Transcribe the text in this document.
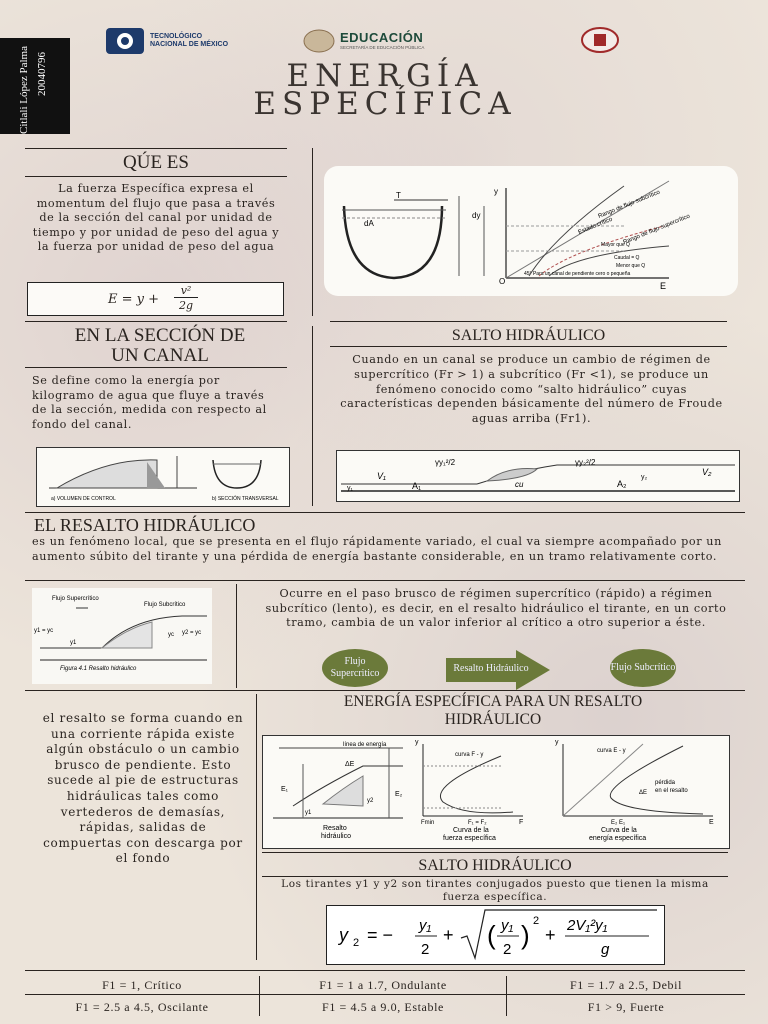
Citlali López Palma 20040796
TECNOLÓGICO
NACIONAL DE MÉXICO	EDUCACIÓN
SECRETARÍA DE EDUCACIÓN PÚBLICA
ENERGÍA
ESPECÍFICA
QÚE ES
La fuerza Específica expresa el momentum del flujo que pasa a través de la sección del canal por unidad de tiempo y por unidad de peso del agua y la fuerza por unidad de peso del agua
E = y +
v²
2g
T
dA
dy
y
O	E
Rango de flujo subcrítico
Estado crítico Rango de flujo supercrítico
Mayor que Q
Caudal = Q
Menor que Q
45° Para un canal de pendiente cero o pequeña
EN LA SECCIÓN DE
UN CANAL
Se define como la energía por kilogramo de agua que fluye a través de la sección, medida con respecto al fondo del canal.
a) VOLUMEN DE CONTROL	b) SECCIÓN TRANSVERSAL
SALTO HIDRÁULICO
Cuando en un canal se produce un cambio de régimen de supercrítico (Fr > 1) a subcrítico (Fr <1), se produce un fenómeno conocido como “salto hidráulico” cuyas características dependen básicamente del número de Froude aguas arriba (Fr1).
V₁
y₁	A₁
γy₁²/2
cu
γy₂²/2
A₂
y₂
V₂
EL RESALTO HIDRÁULICO
es un fenómeno local, que se presenta en el flujo rápidamente variado, el cual va siempre acompañado por un aumento súbito del tirante y una pérdida de energía bastante considerable, en un tramo relativamente corto.
Flujo Supercrítico
Flujo Subcrítico
y1 = yc	y2 = yc
y1
yc
Figura 4.1 Resalto hidráulico
Ocurre en el paso brusco de régimen supercrítico (rápido) a régimen subcrítico (lento), es decir, en el resalto hidráulico el tirante, en un corto tramo, cambia de un valor inferior al crítico a otro superior a éste.
Flujo Supercritico	Resalto Hidráulico	Flujo Subcrítico
el resalto se forma cuando en una corriente rápida existe algún obstáculo o un cambio brusco de pendiente. Esto sucede al pie de estructuras hidráulicas tales como vertederos de demasías, rápidas, salidas de compuertas con descarga por el fondo
ENERGÍA ESPECÍFICA PARA UN RESALTO
HIDRÁULICO
línea de energía
ΔE
E₁
E₂
y1
y2
Resalto
hidráulico
y
curva F - y
Fmin	F₁ = F₂	F
Curva de la
fuerza específica
y
curva E - y
pérdida
en el resalto
ΔE
E₂ E₁	E
Curva de la
energía específica
SALTO HIDRÁULICO
Los tirantes y1 y y2 son tirantes conjugados puesto que tienen la misma fuerza específica.
y 2 = − y₁
2
+ ( y₁
2 ) 2
+ 2V₁²y₁
g
F1 = 1, Crítico	F1 = 1 a 1.7, Ondulante	F1 = 1.7 a 2.5, Debil
F1 = 2.5 a 4.5, Oscilante	F1 = 4.5 a 9.0, Estable	F1 > 9, Fuerte
